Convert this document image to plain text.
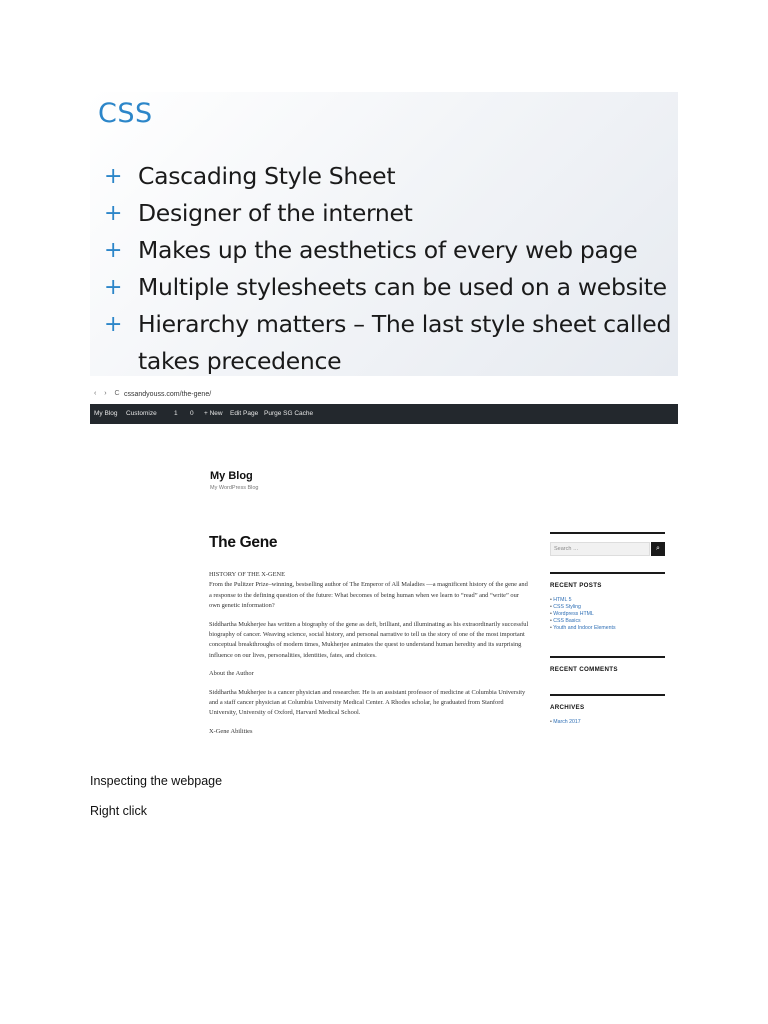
CSS
+ Cascading Style Sheet
+ Designer of the internet
+ Makes up the aesthetics of every web page
+ Multiple stylesheets can be used on a website
+ Hierarchy matters – The last style sheet called takes precedence
‹ › C cssandyouss.com/the-gene/
My Blog Customize	1 0 + New Edit Page Purge SG Cache
My Blog
My WordPress Blog
The Gene

HISTORY OF THE X-GENE

From the Pulitzer Prize–winning, bestselling author of The Emperor of All Maladies —a magnificent history of the gene and a response to the defining question of the future: What becomes of being human when we learn to “read” and “write” our own genetic information?

Siddhartha Mukherjee has written a biography of the gene as deft, brilliant, and illuminating as his extraordinarily successful biography of cancer. Weaving science, social history, and personal narrative to tell us the story of one of the most important conceptual breakthroughs of modern times, Mukherjee animates the quest to understand human heredity and its surprising influence on our lives, personalities, identities, fates, and choices.

About the Author

Siddhartha Mukherjee is a cancer physician and researcher. He is an assistant professor of medicine at Columbia University and a staff cancer physician at Columbia University Medical Center. A Rhodes scholar, he graduated from Stanford University, University of Oxford, Harvard Medical School.

X-Gene Abilities

Search …	⌕
RECENT POSTS
• HTML 5
• CSS Styling
• Wordpress HTML
• CSS Basics
• Youth and Indoor Elements
RECENT COMMENTS
ARCHIVES
• March 2017
Inspecting the webpage
Right click
